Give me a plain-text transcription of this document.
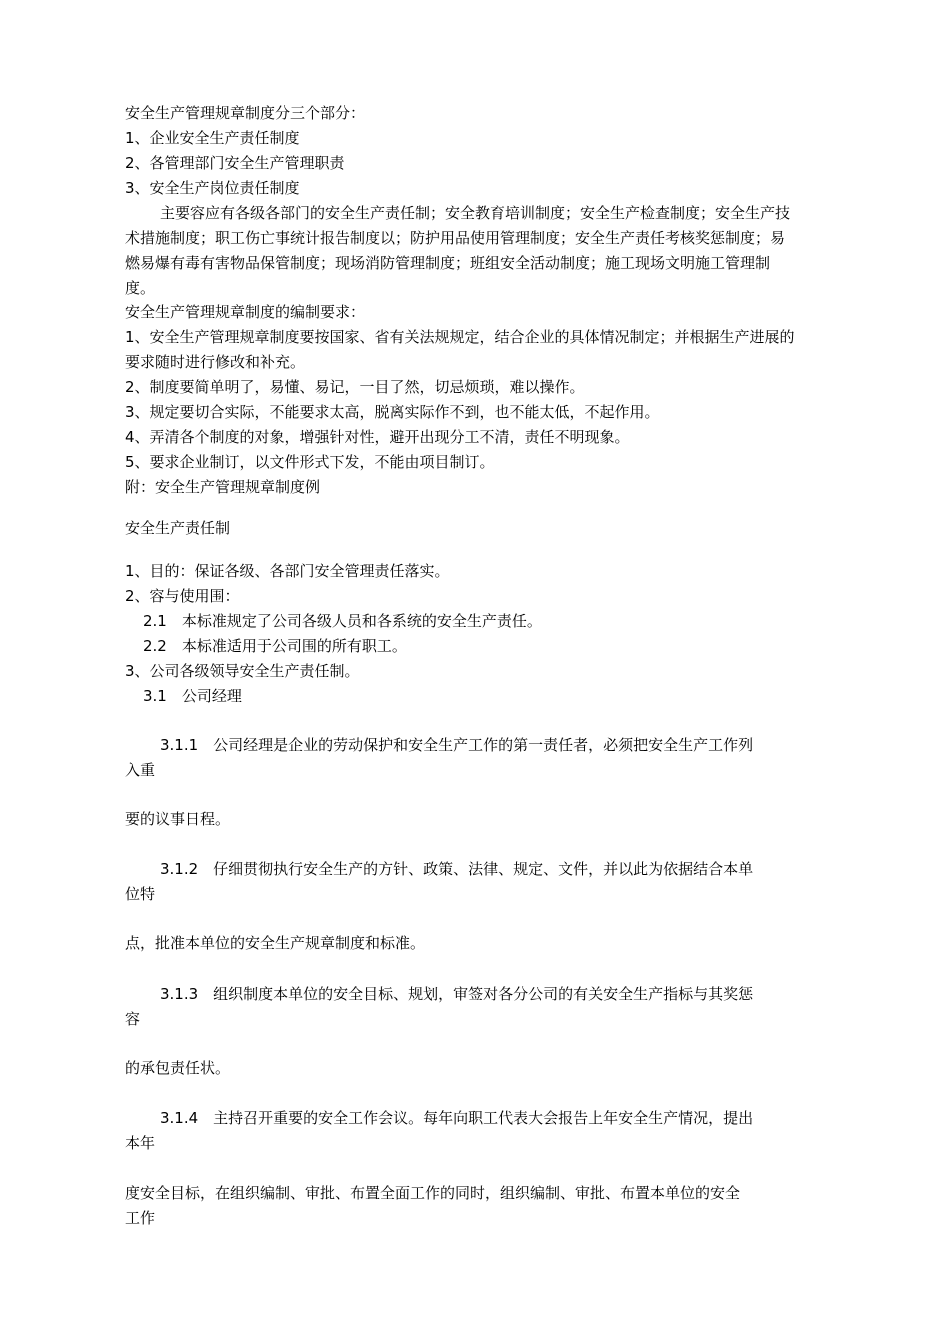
安全生产管理规章制度分三个部分：
1、企业安全生产责任制度
2、各管理部门安全生产管理职责
3、安全生产岗位责任制度
主要容应有各级各部门的安全生产责任制；安全教育培训制度；安全生产检查制度；安全生产技
术措施制度；职工伤亡事统计报告制度以；防护用品使用管理制度；安全生产责任考核奖惩制度；易
燃易爆有毒有害物品保管制度；现场消防管理制度；班组安全活动制度；施工现场文明施工管理制
度。
安全生产管理规章制度的编制要求：
1、安全生产管理规章制度要按国家、省有关法规规定，结合企业的具体情况制定；并根据生产进展的
要求随时进行修改和补充。
2、制度要简单明了，易懂、易记，一目了然，切忌烦琐，难以操作。
3、规定要切合实际，不能要求太高，脱离实际作不到，也不能太低，不起作用。
4、弄清各个制度的对象，增强针对性，避开出现分工不清，责任不明现象。
5、要求企业制订，以文件形式下发，不能由项目制订。
附：安全生产管理规章制度例
安全生产责任制
1、目的：保证各级、各部门安全管理责任落实。
2、容与使用围：
2.1　本标准规定了公司各级人员和各系统的安全生产责任。
2.2　本标准适用于公司围的所有职工。
3、公司各级领导安全生产责任制。
3.1　公司经理
3.1.1　公司经理是企业的劳动保护和安全生产工作的第一责任者，必须把安全生产工作列
入重
要的议事日程。
3.1.2　仔细贯彻执行安全生产的方针、政策、法律、规定、文件，并以此为依据结合本单
位特
点，批准本单位的安全生产规章制度和标准。
3.1.3　组织制度本单位的安全目标、规划，审签对各分公司的有关安全生产指标与其奖惩
容
的承包责任状。
3.1.4　主持召开重要的安全工作会议。每年向职工代表大会报告上年安全生产情况，提出
本年
度安全目标，在组织编制、审批、布置全面工作的同时，组织编制、审批、布置本单位的安全
工作
